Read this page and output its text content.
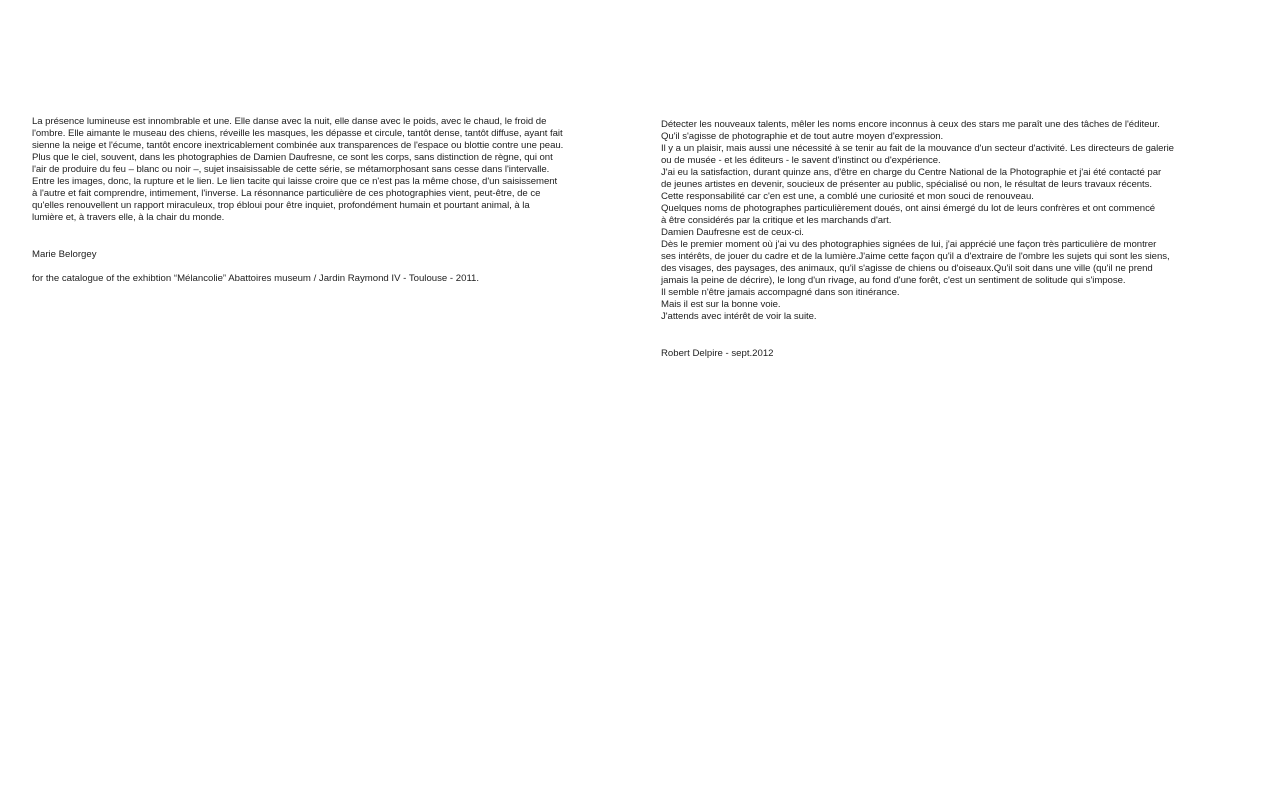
La présence lumineuse est innombrable et une. Elle danse avec la nuit, elle danse avec le poids, avec le chaud, le froid de
l'ombre. Elle aimante le museau des chiens, réveille les masques, les dépasse et circule, tantôt dense, tantôt diffuse, ayant fait
sienne la neige et l'écume, tantôt encore inextricablement combinée aux transparences de l'espace ou blottie contre une peau.
Plus que le ciel, souvent, dans les photographies de Damien Daufresne, ce sont les corps, sans distinction de règne, qui ont
l'air de produire du feu – blanc ou noir –, sujet insaisissable de cette série, se métamorphosant sans cesse dans l'intervalle.
Entre les images, donc, la rupture et le lien. Le lien tacite qui laisse croire que ce n'est pas la même chose, d'un saisissement
à l'autre et fait comprendre, intimement, l'inverse. La résonnance particulière de ces photographies vient, peut-être, de ce
qu'elles renouvellent un rapport miraculeux, trop ébloui pour être inquiet, profondément humain et pourtant animal, à la
lumière et, à travers elle, à la chair du monde.

Marie Belorgey

for the catalogue of the exhibtion “Mélancolie” Abattoires museum / Jardin Raymond IV - Toulouse - 2011.

Détecter les nouveaux talents, mêler les noms encore inconnus à ceux des stars me paraît une des tâches de l'éditeur.
Qu'il s'agisse de photographie et de tout autre moyen d'expression.
Il y a un plaisir, mais aussi une nécessité à se tenir au fait de la mouvance d'un secteur d'activité. Les directeurs de galerie
ou de musée - et les éditeurs - le savent d'instinct ou d'expérience.
J'ai eu la satisfaction, durant quinze ans, d'être en charge du Centre National de la Photographie et j'ai été contacté par
de jeunes artistes en devenir, soucieux de présenter au public, spécialisé ou non, le résultat de leurs travaux récents.
Cette responsabilité car c'en est une, a comblé une curiosité et mon souci de renouveau.
Quelques noms de photographes particulièrement doués, ont ainsi émergé du lot de leurs confrères et ont commencé
à être considérés par la critique et les marchands d'art.
Damien Daufresne est de ceux-ci.
Dès le premier moment où j'ai vu des photographies signées de lui, j'ai apprécié une façon très particulière de montrer
ses intérêts, de jouer du cadre et de la lumière.J'aime cette façon qu'il a d'extraire de l'ombre les sujets qui sont les siens,
des visages, des paysages, des animaux, qu'il s'agisse de chiens ou d'oiseaux.Qu'il soit dans une ville (qu'il ne prend
jamais la peine de décrire), le long d'un rivage, au fond d'une forêt, c'est un sentiment de solitude qui s'impose.
Il semble n'être jamais accompagné dans son itinérance.
Mais il est sur la bonne voie.
J'attends avec intérêt de voir la suite.

Robert Delpire - sept.2012
